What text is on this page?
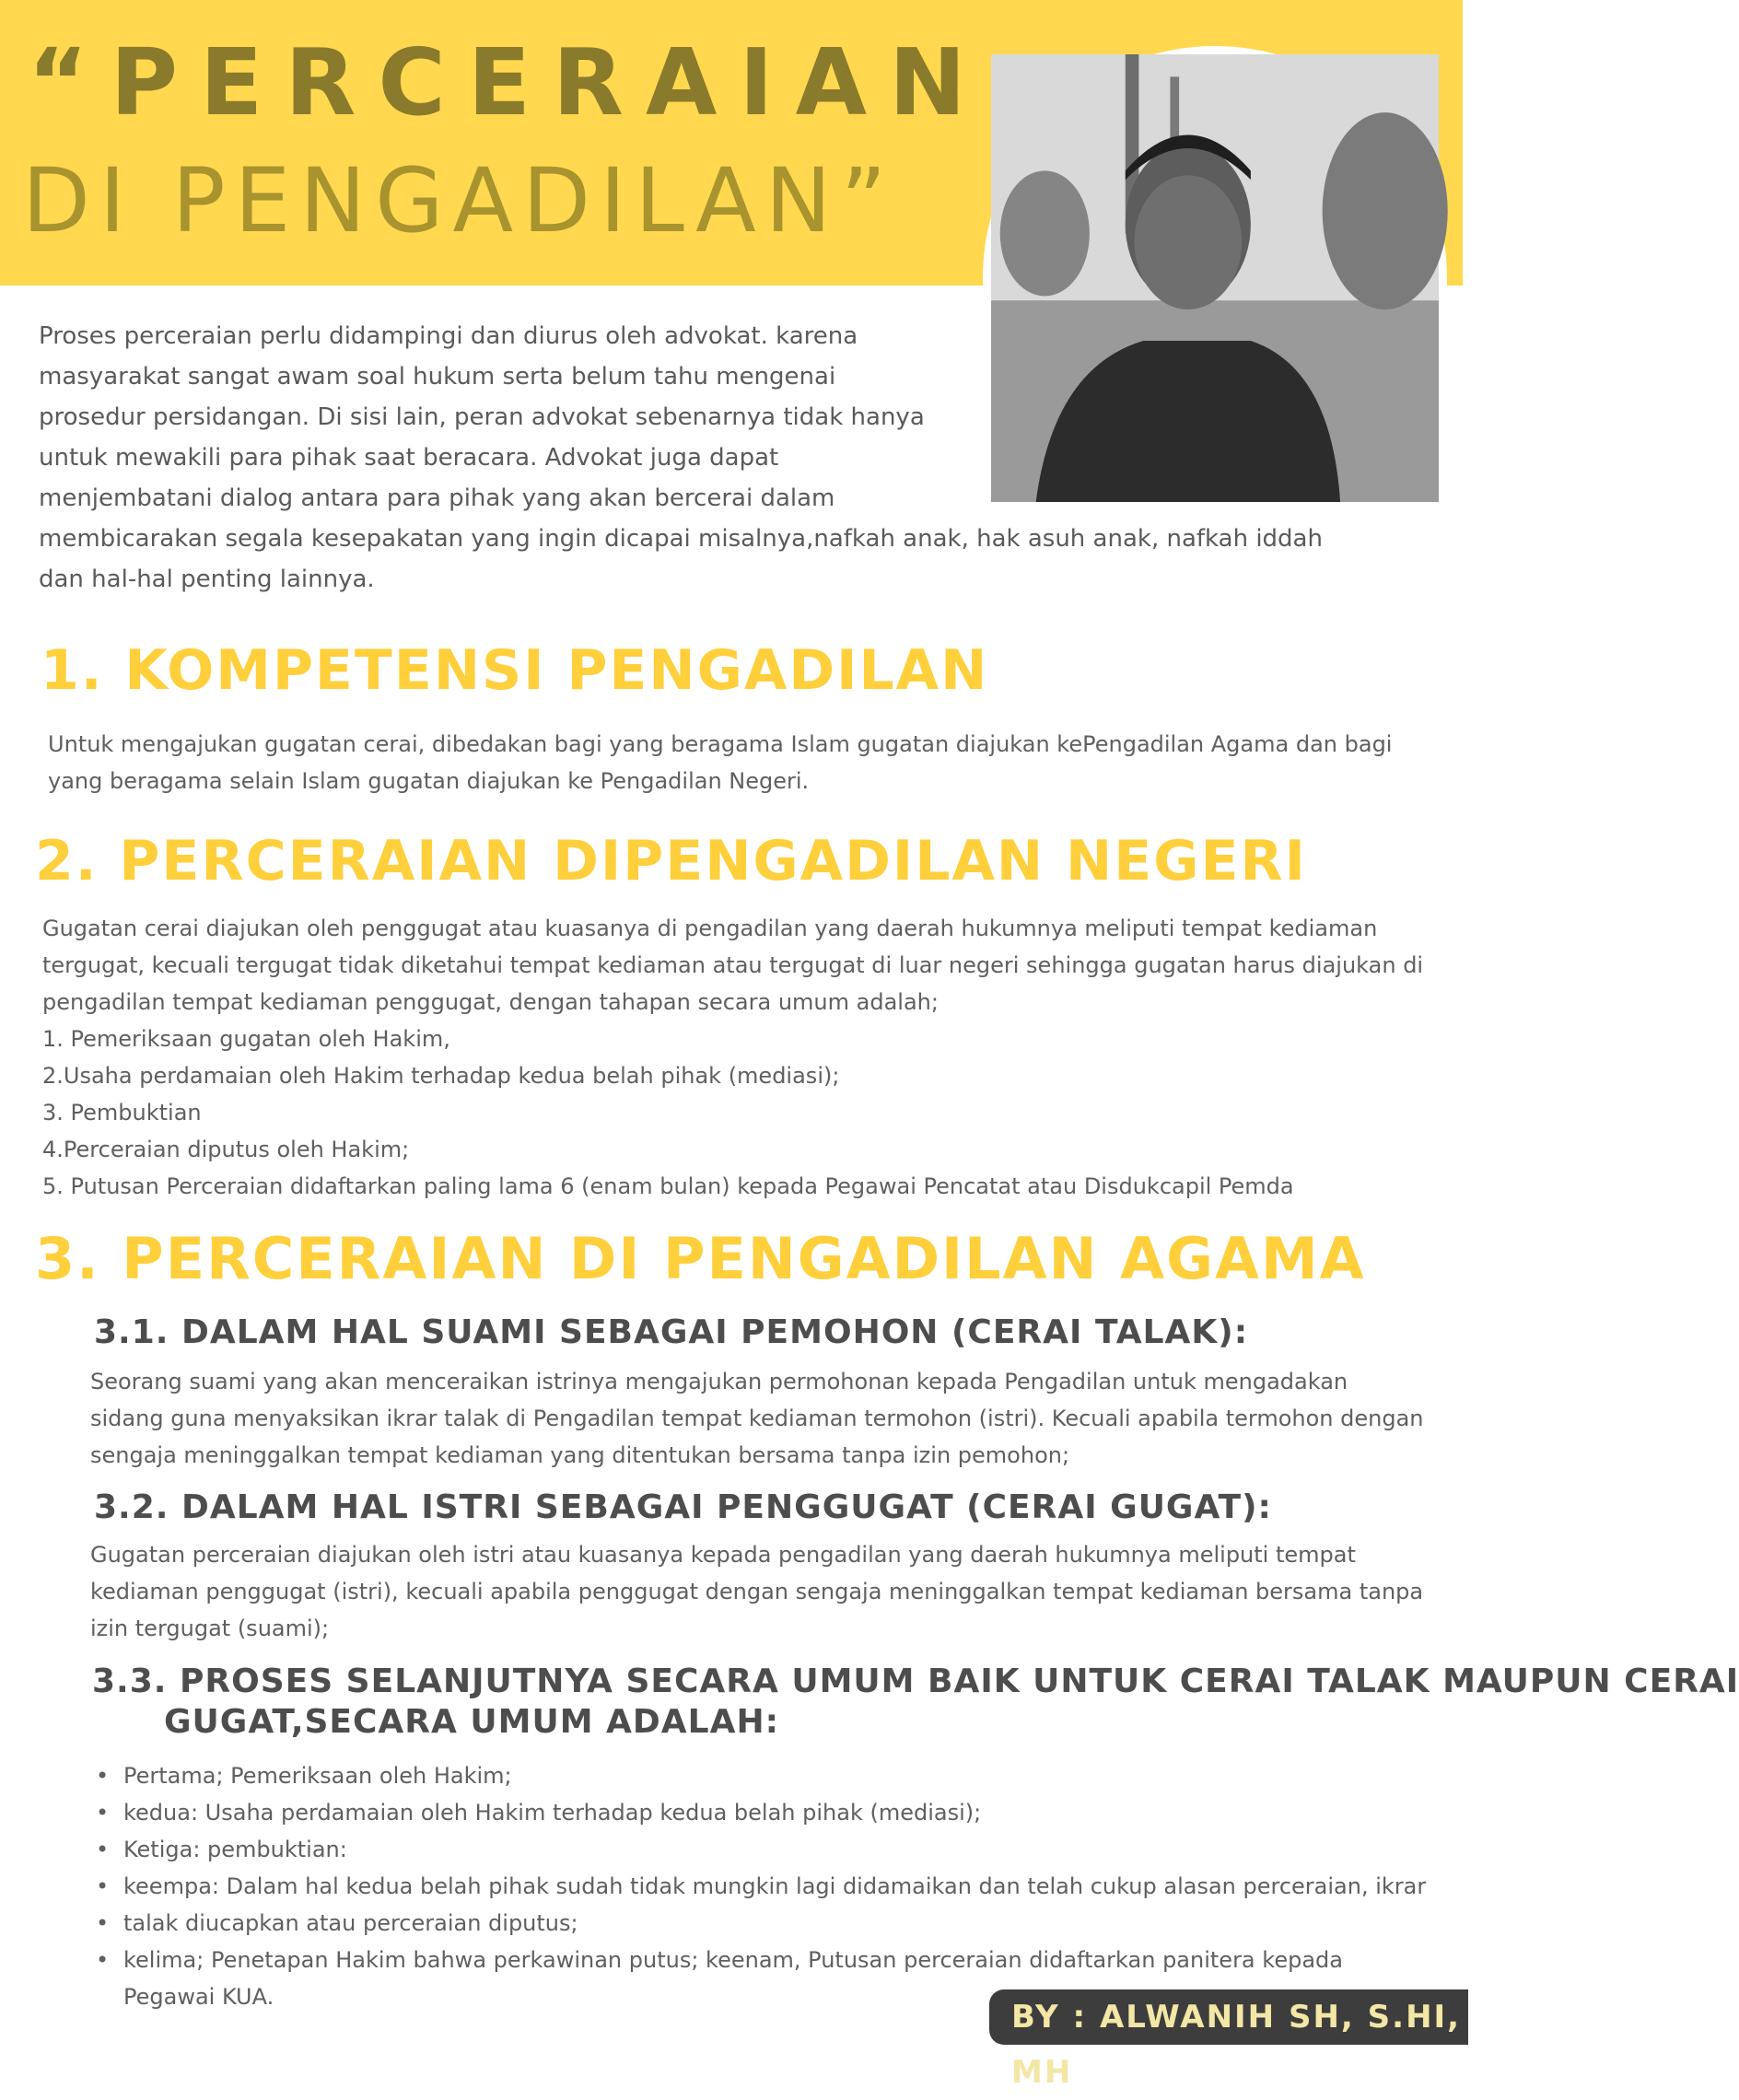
“PERCERAIAN
DI PENGADILAN”

Proses perceraian perlu didampingi dan diurus oleh advokat. karena
masyarakat sangat awam soal hukum serta belum tahu mengenai
prosedur persidangan. Di sisi lain, peran advokat sebenarnya tidak hanya
untuk mewakili para pihak saat beracara. Advokat juga dapat
menjembatani dialog antara para pihak yang akan bercerai dalam
membicarakan segala kesepakatan yang ingin dicapai misalnya,nafkah anak, hak asuh anak, nafkah iddah
dan hal-hal penting lainnya.

1. KOMPETENSI PENGADILAN

Untuk mengajukan gugatan cerai, dibedakan bagi yang beragama Islam gugatan diajukan kePengadilan Agama dan bagi
yang beragama selain Islam gugatan diajukan ke Pengadilan Negeri.

2. PERCERAIAN DIPENGADILAN NEGERI

Gugatan cerai diajukan oleh penggugat atau kuasanya di pengadilan yang daerah hukumnya meliputi tempat kediaman
tergugat, kecuali tergugat tidak diketahui tempat kediaman atau tergugat di luar negeri sehingga gugatan harus diajukan di
pengadilan tempat kediaman penggugat, dengan tahapan secara umum adalah;
1. Pemeriksaan gugatan oleh Hakim,
2.Usaha perdamaian oleh Hakim terhadap kedua belah pihak (mediasi);
3. Pembuktian
4.Perceraian diputus oleh Hakim;
5. Putusan Perceraian didaftarkan paling lama 6 (enam bulan) kepada Pegawai Pencatat atau Disdukcapil Pemda

3. PERCERAIAN DI PENGADILAN AGAMA
3.1. DALAM HAL SUAMI SEBAGAI PEMOHON (CERAI TALAK):

Seorang suami yang akan menceraikan istrinya mengajukan permohonan kepada Pengadilan untuk mengadakan
sidang guna menyaksikan ikrar talak di Pengadilan tempat kediaman termohon (istri). Kecuali apabila termohon dengan
sengaja meninggalkan tempat kediaman yang ditentukan bersama tanpa izin pemohon;

3.2. DALAM HAL ISTRI SEBAGAI PENGGUGAT (CERAI GUGAT):

Gugatan perceraian diajukan oleh istri atau kuasanya kepada pengadilan yang daerah hukumnya meliputi tempat
kediaman penggugat (istri), kecuali apabila penggugat dengan sengaja meninggalkan tempat kediaman bersama tanpa
izin tergugat (suami);

3.3. PROSES SELANJUTNYA SECARA UMUM BAIK UNTUK CERAI TALAK MAUPUN CERAI
GUGAT,SECARA UMUM ADALAH:
• Pertama; Pemeriksaan oleh Hakim;
• kedua: Usaha perdamaian oleh Hakim terhadap kedua belah pihak (mediasi);
• Ketiga: pembuktian:
• keempa: Dalam hal kedua belah pihak sudah tidak mungkin lagi didamaikan dan telah cukup alasan perceraian, ikrar
• talak diucapkan atau perceraian diputus;
• kelima; Penetapan Hakim bahwa perkawinan putus; keenam, Putusan perceraian didaftarkan panitera kepada
Pegawai KUA.
BY : ALWANIH SH, S.HI, MH
